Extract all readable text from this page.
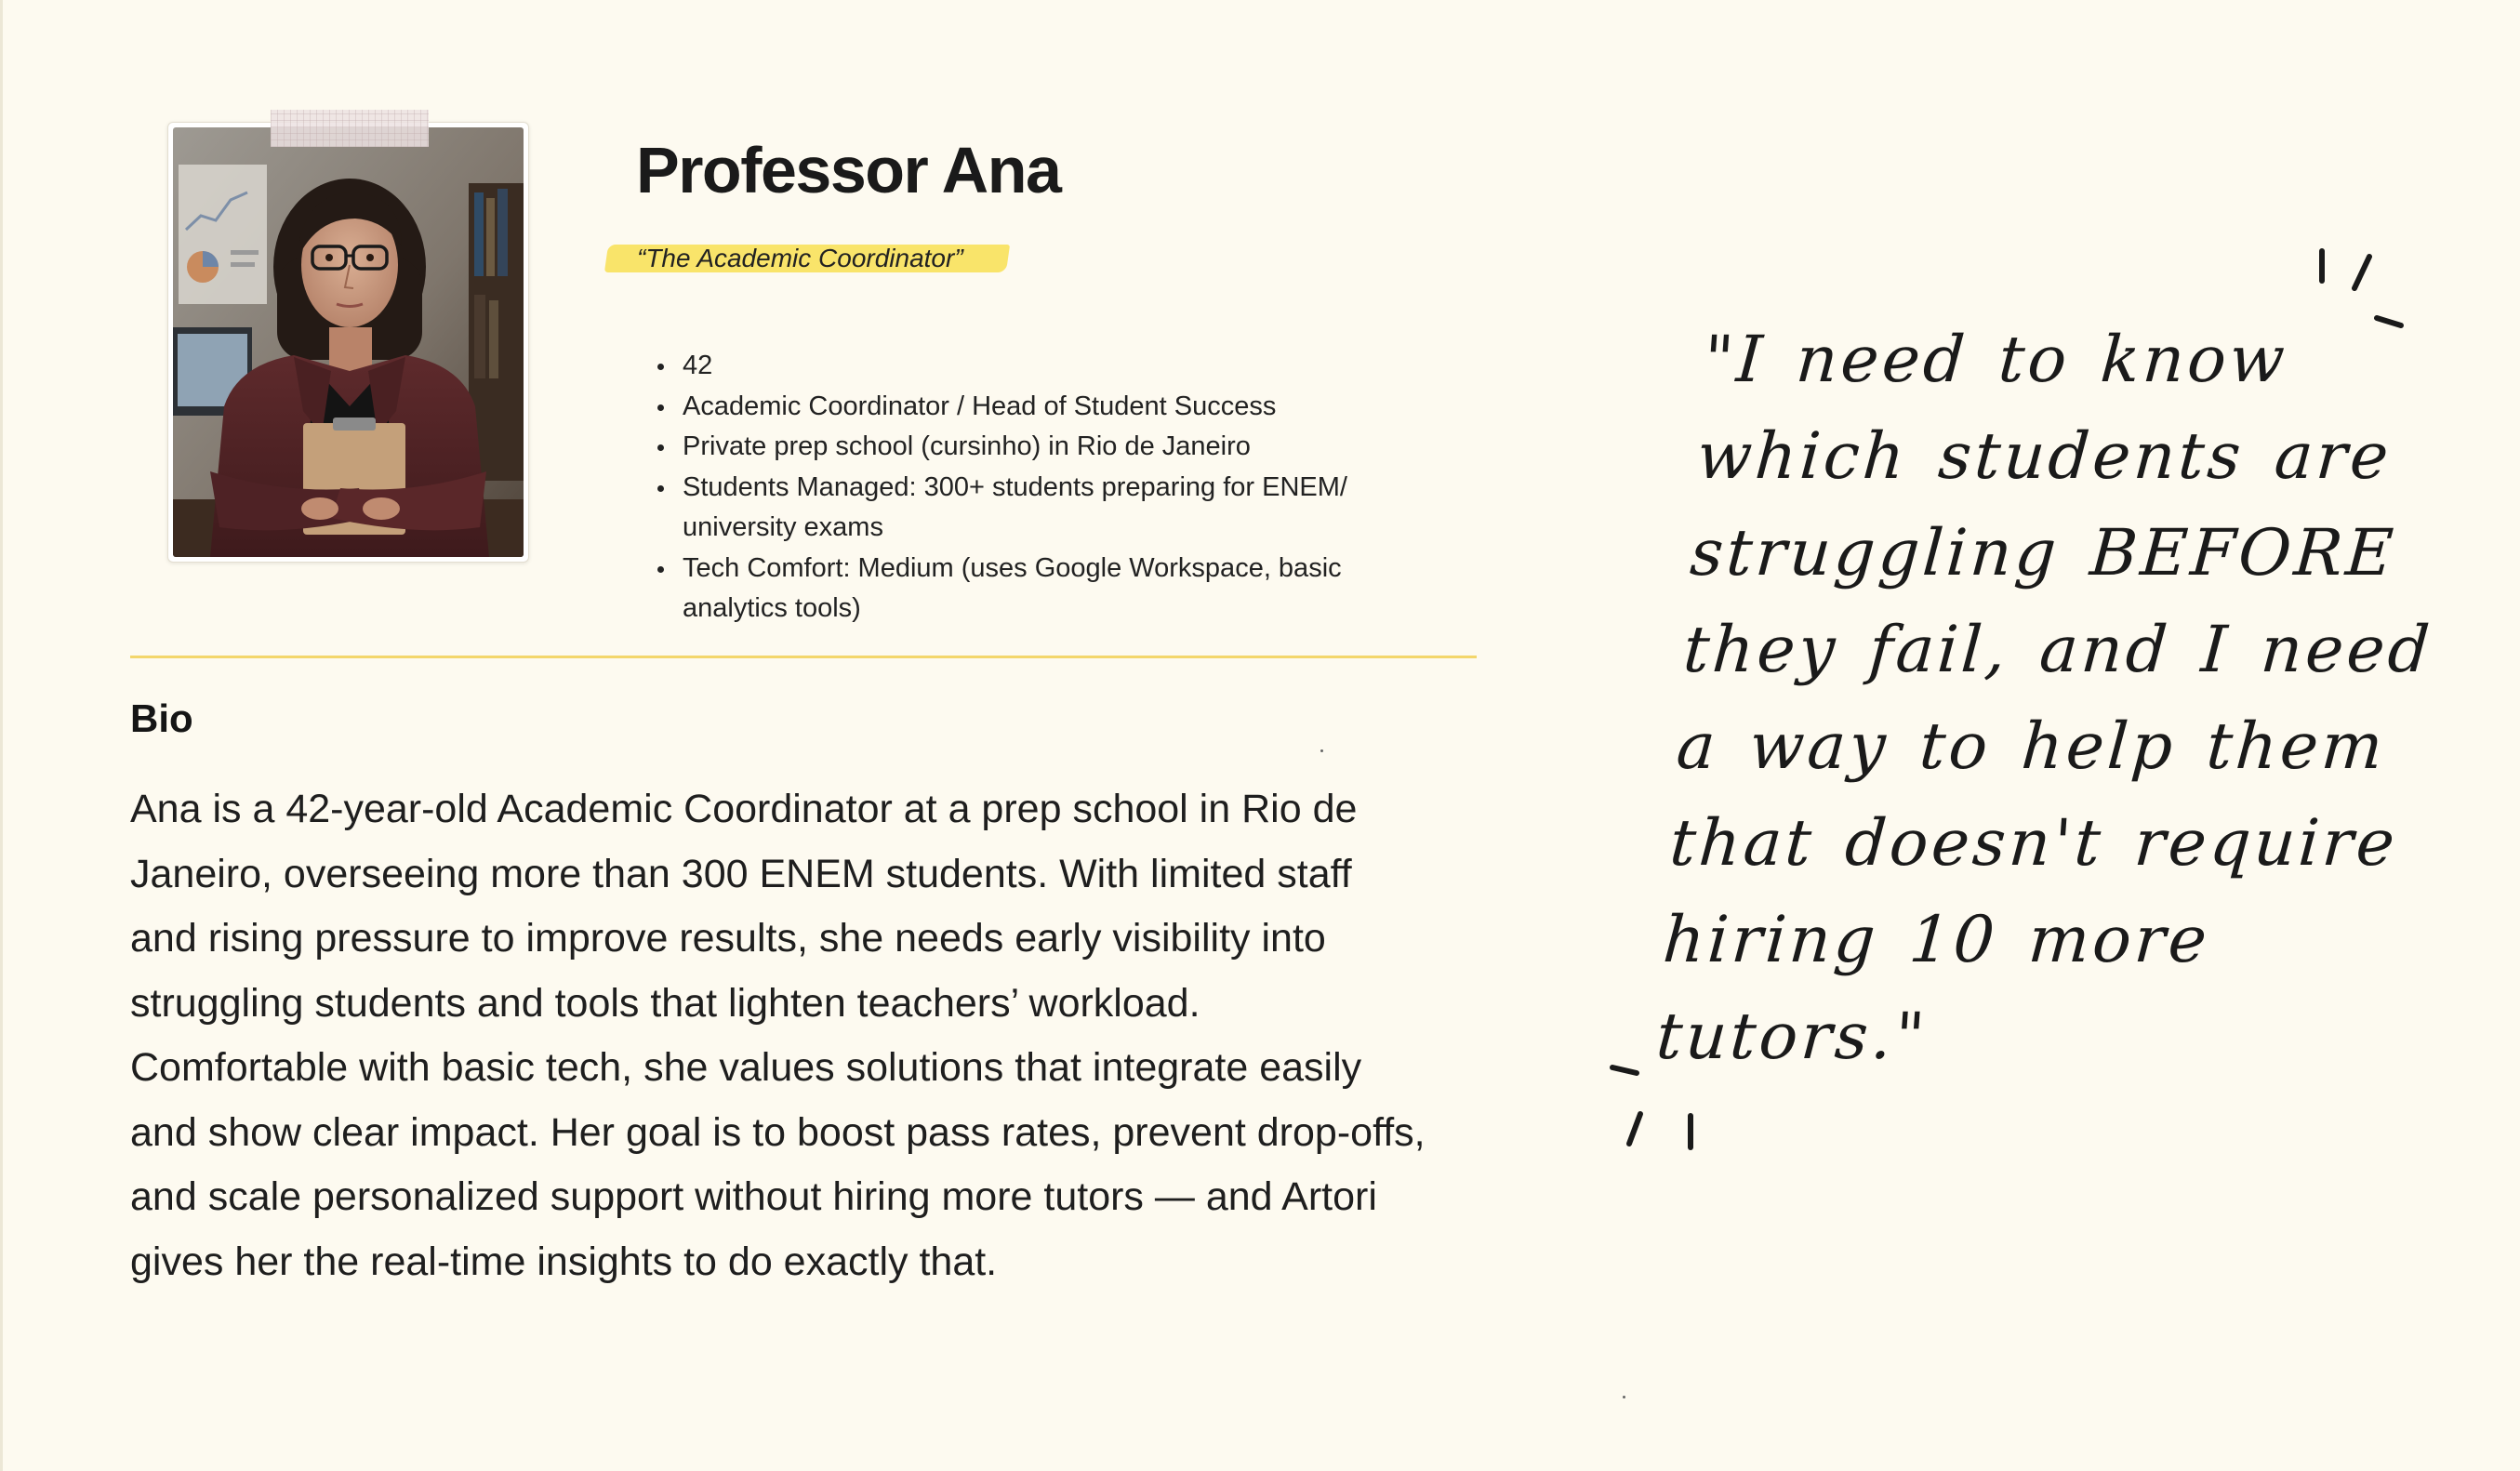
Professor Ana
“The Academic Coordinator”
• 42
• Academic Coordinator / Head of Student Success
• Private prep school (cursinho) in Rio de Janeiro
• Students Managed: 300+ students preparing for ENEM/ university exams
• Tech Comfort: Medium (uses Google Workspace, basic analytics tools)
Bio

Ana is a 42-year-old Academic Coordinator at a prep school in Rio de Janeiro, overseeing more than 300 ENEM students. With limited staff and rising pressure to improve results, she needs early visibility into struggling students and tools that lighten teachers’ workload. Comfortable with basic tech, she values solutions that integrate easily and show clear impact. Her goal is to boost pass rates, prevent drop-offs, and scale personalized support without hiring more tutors — and Artori gives her the real-time insights to do exactly that.

"I need to know which students are struggling BEFORE they fail, and I need a way to help them that doesn't require hiring 10 more tutors."
